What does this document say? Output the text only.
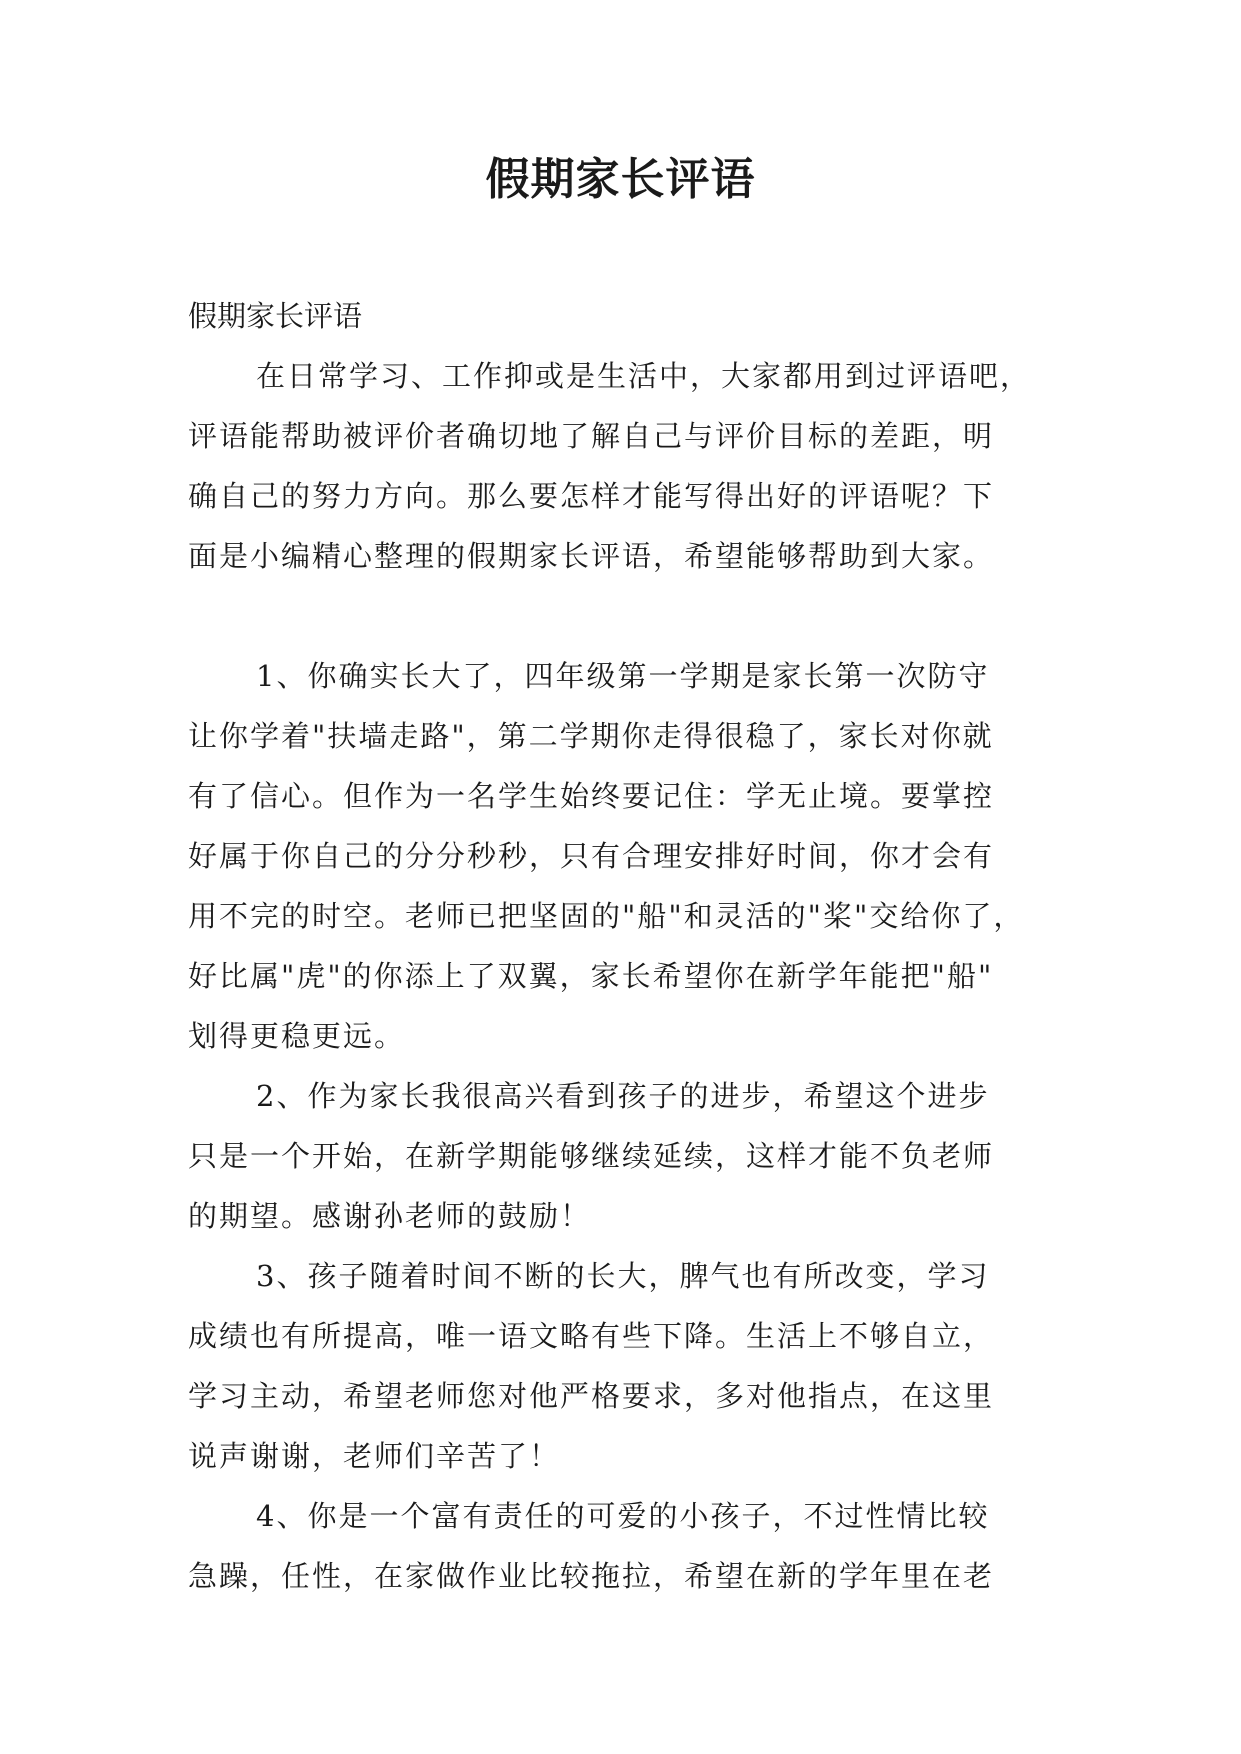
假期家长评语

假期家长评语

在日常学习、工作抑或是生活中，大家都用到过评语吧，
评语能帮助被评价者确切地了解自己与评价目标的差距，明
确自己的努力方向。那么要怎样才能写得出好的评语呢？下
面是小编精心整理的假期家长评语，希望能够帮助到大家。

1、你确实长大了，四年级第一学期是家长第一次防守
让你学着"扶墙走路"，第二学期你走得很稳了，家长对你就
有了信心。但作为一名学生始终要记住：学无止境。要掌控
好属于你自己的分分秒秒，只有合理安排好时间，你才会有
用不完的时空。老师已把坚固的"船"和灵活的"桨"交给你了，
好比属"虎"的你添上了双翼，家长希望你在新学年能把"船"
划得更稳更远。

2、作为家长我很高兴看到孩子的进步，希望这个进步
只是一个开始，在新学期能够继续延续，这样才能不负老师
的期望。感谢孙老师的鼓励！

3、孩子随着时间不断的长大，脾气也有所改变，学习
成绩也有所提高，唯一语文略有些下降。生活上不够自立，
学习主动，希望老师您对他严格要求，多对他指点，在这里
说声谢谢，老师们辛苦了！

4、你是一个富有责任的可爱的小孩子，不过性情比较
急躁，任性，在家做作业比较拖拉，希望在新的学年里在老
